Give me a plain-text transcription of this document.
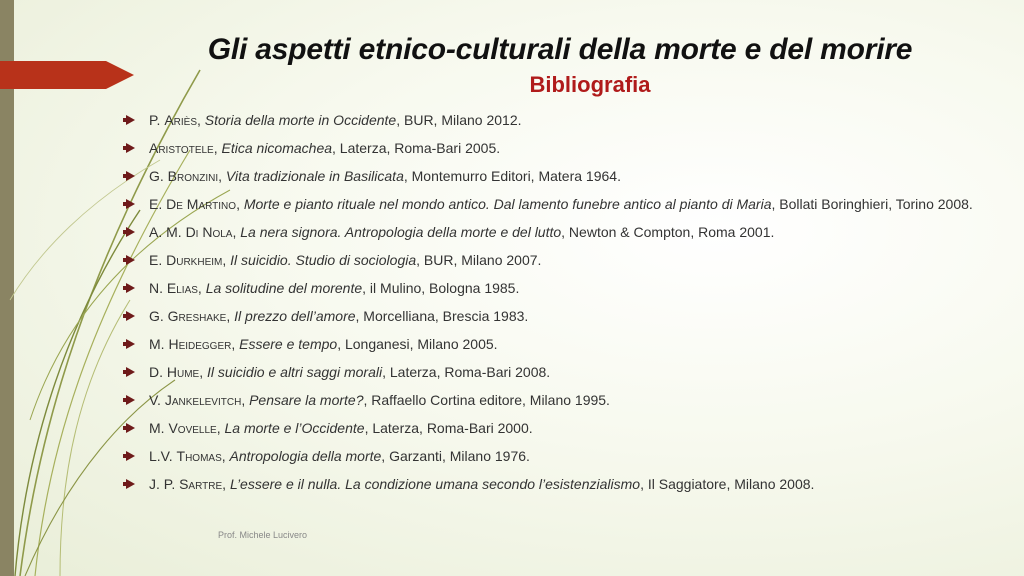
Gli aspetti etnico-culturali della morte e del morire
Bibliografia
P. Ariès, Storia della morte in Occidente, BUR, Milano 2012.
Aristotele, Etica nicomachea, Laterza, Roma-Bari 2005.
G. Bronzini, Vita tradizionale in Basilicata, Montemurro Editori, Matera 1964.
E. De Martino, Morte e pianto rituale nel mondo antico. Dal lamento funebre antico al pianto di Maria, Bollati Boringhieri, Torino 2008.
A. M. Di Nola, La nera signora. Antropologia della morte e del lutto, Newton & Compton, Roma 2001.
E. Durkheim, Il suicidio. Studio di sociologia, BUR, Milano 2007.
N. Elias, La solitudine del morente, il Mulino, Bologna 1985.
G. Greshake, Il prezzo dell’amore, Morcelliana, Brescia 1983.
M. Heidegger, Essere e tempo, Longanesi, Milano 2005.
D. Hume, Il suicidio e altri saggi morali, Laterza, Roma-Bari 2008.
V. Jankelevitch, Pensare la morte?, Raffaello Cortina editore, Milano 1995.
M. Vovelle, La morte e l’Occidente, Laterza, Roma-Bari 2000.
L.V. Thomas, Antropologia della morte, Garzanti, Milano 1976.
J. P. Sartre, L’essere e il nulla. La condizione umana secondo l’esistenzialismo, Il Saggiatore, Milano 2008.
Prof. Michele Lucivero
